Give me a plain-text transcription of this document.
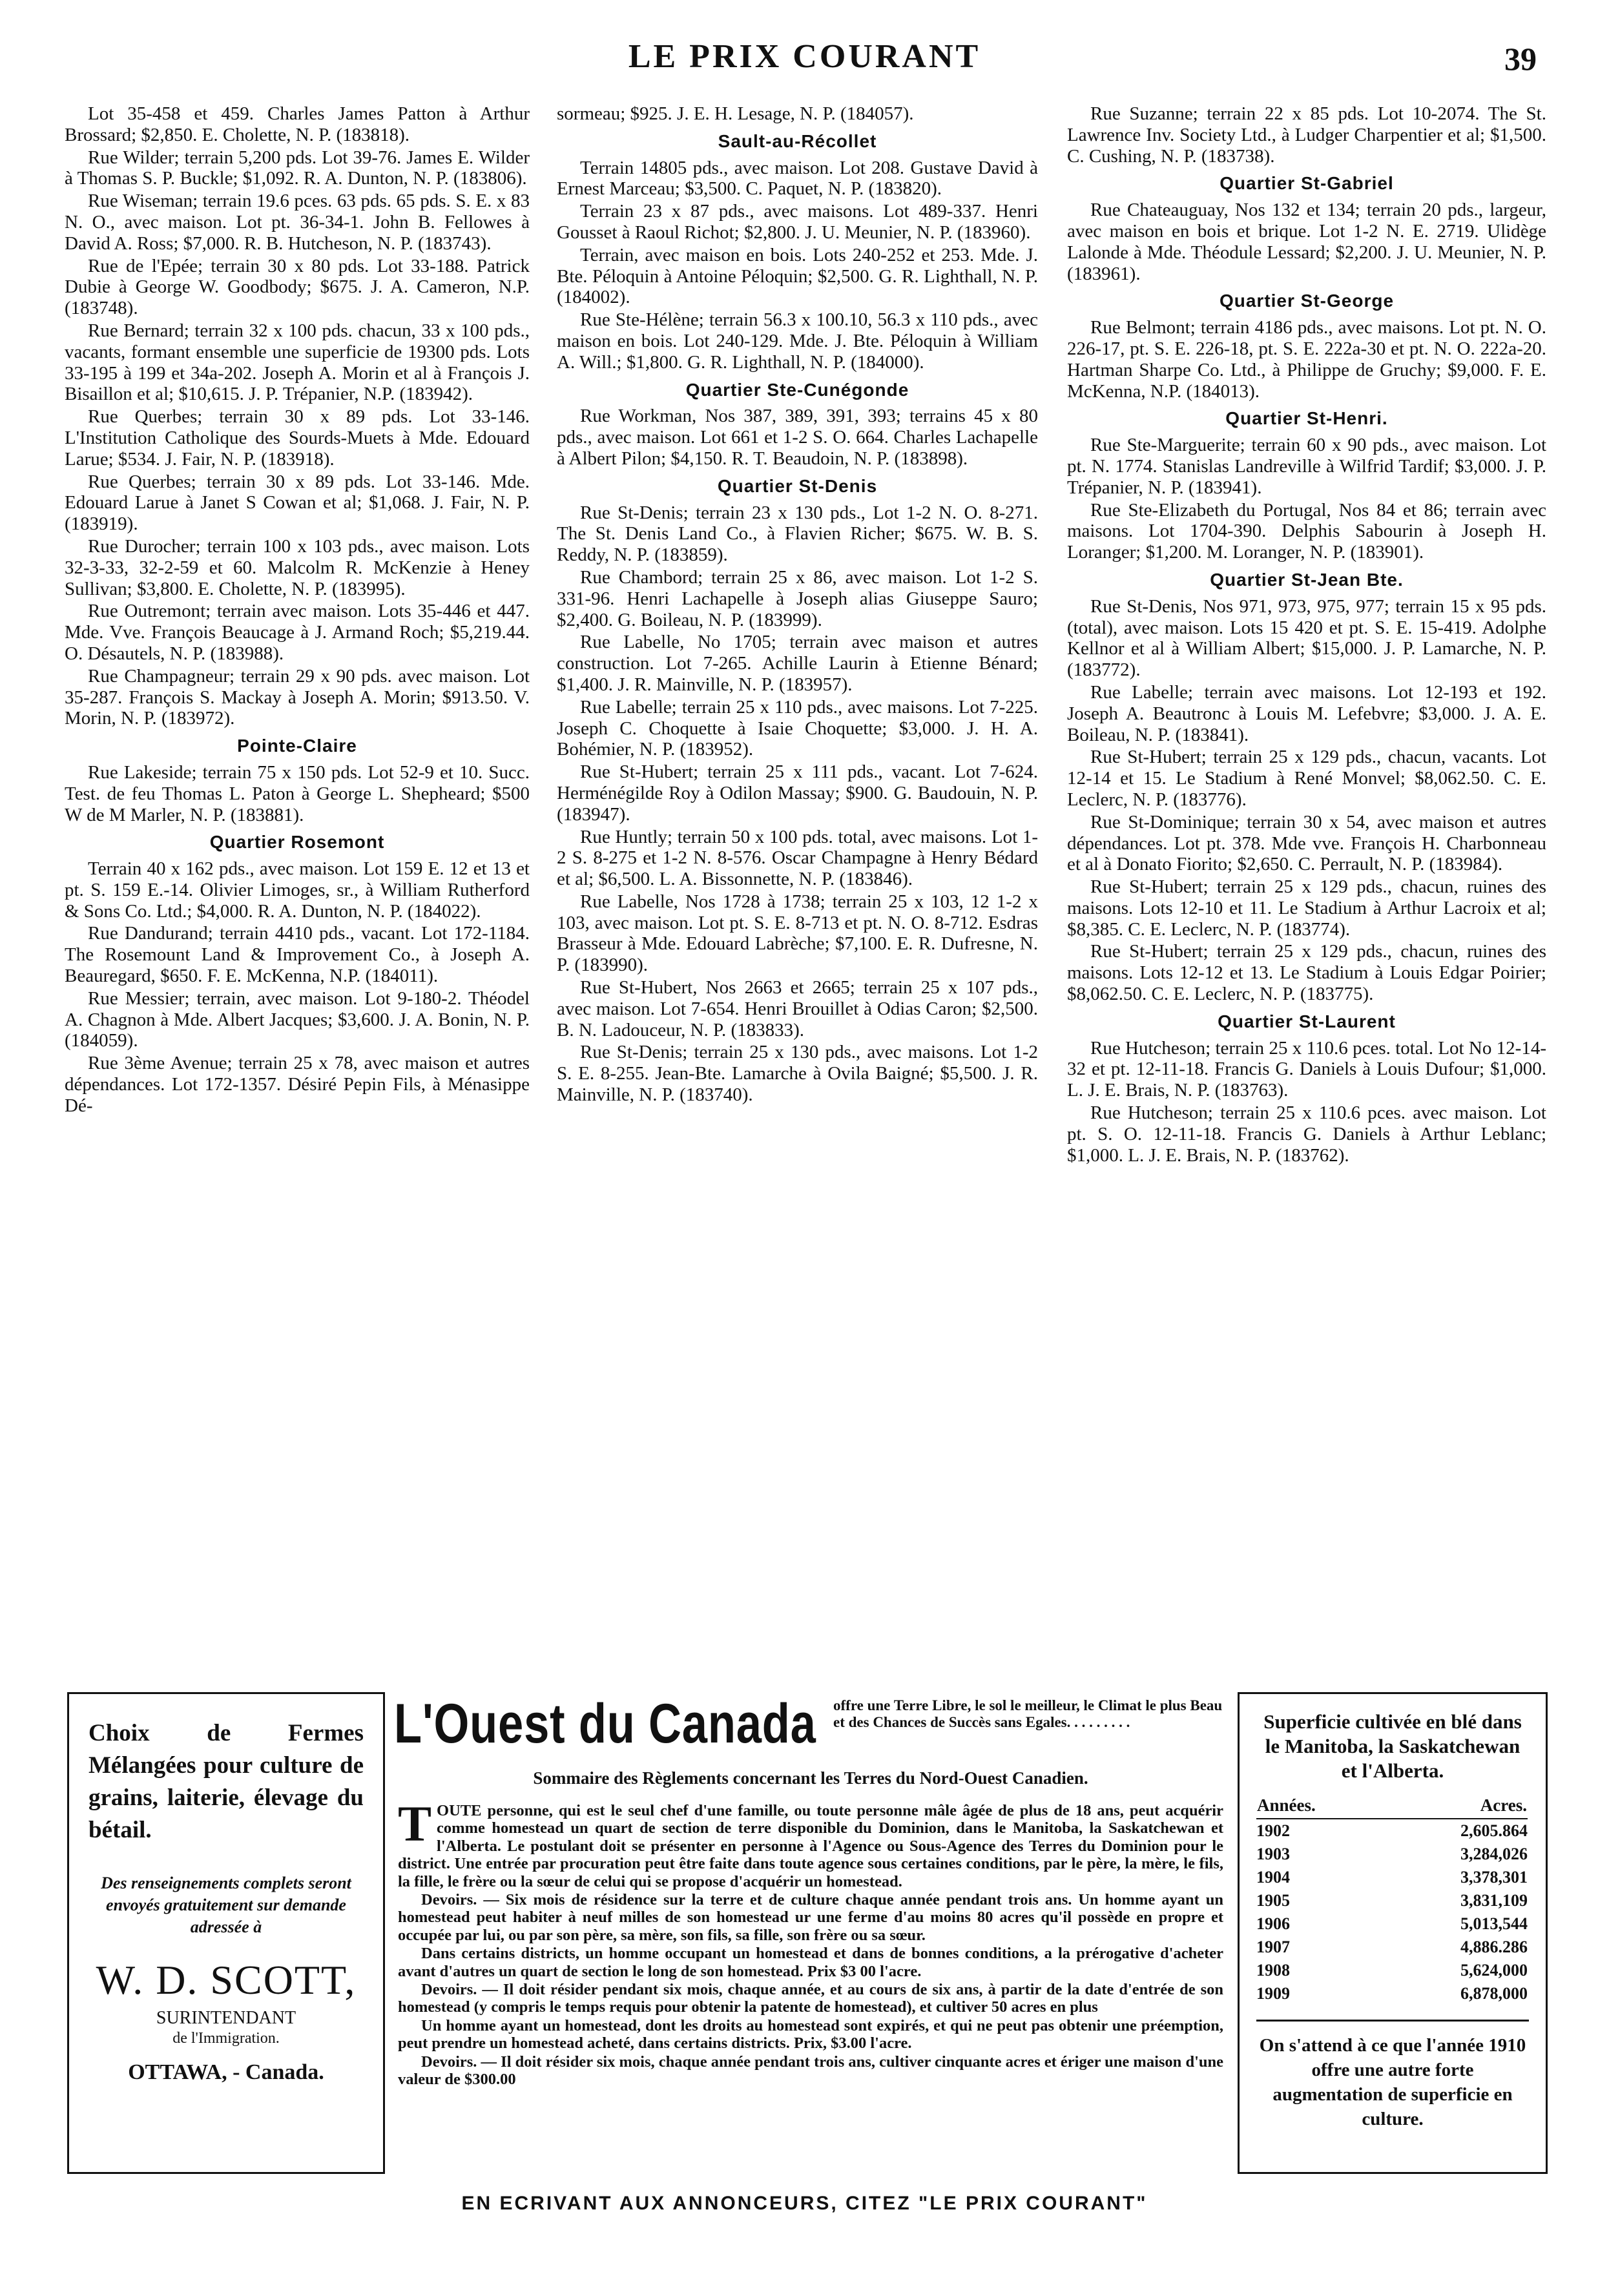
LE PRIX COURANT	39

Lot 35-458 et 459. Charles James Patton à Arthur Brossard; $2,850. E. Cholette, N. P. (183818).

Rue Wilder; terrain 5,200 pds. Lot 39-76. James E. Wilder à Thomas S. P. Buckle; $1,092. R. A. Dunton, N. P. (183806).

Rue Wiseman; terrain 19.6 pces. 63 pds. 65 pds. S. E. x 83 N. O., avec maison. Lot pt. 36-34-1. John B. Fellowes à David A. Ross; $7,000. R. B. Hutcheson, N. P. (183743).

Rue de l'Epée; terrain 30 x 80 pds. Lot 33-188. Patrick Dubie à George W. Goodbody; $675. J. A. Cameron, N.P. (183748).

Rue Bernard; terrain 32 x 100 pds. chacun, 33 x 100 pds., vacants, formant ensemble une superficie de 19300 pds. Lots 33-195 à 199 et 34a-202. Joseph A. Morin et al à François J. Bisaillon et al; $10,615. J. P. Trépanier, N.P. (183942).

Rue Querbes; terrain 30 x 89 pds. Lot 33-146. L'Institution Catholique des Sourds-Muets à Mde. Edouard Larue; $534. J. Fair, N. P. (183918).

Rue Querbes; terrain 30 x 89 pds. Lot 33-146. Mde. Edouard Larue à Janet S Cowan et al; $1,068. J. Fair, N. P. (183919).

Rue Durocher; terrain 100 x 103 pds., avec maison. Lots 32-3-33, 32-2-59 et 60. Malcolm R. McKenzie à Heney Sullivan; $3,800. E. Cholette, N. P. (183995).

Rue Outremont; terrain avec maison. Lots 35-446 et 447. Mde. Vve. François Beaucage à J. Armand Roch; $5,219.44. O. Désautels, N. P. (183988).

Rue Champagneur; terrain 29 x 90 pds. avec maison. Lot 35-287. François S. Mackay à Joseph A. Morin; $913.50. V. Morin, N. P. (183972).

Pointe-Claire

Rue Lakeside; terrain 75 x 150 pds. Lot 52-9 et 10. Succ. Test. de feu Thomas L. Paton à George L. Shepheard; $500 W de M Marler, N. P. (183881).

Quartier Rosemont

Terrain 40 x 162 pds., avec maison. Lot 159 E. 12 et 13 et pt. S. 159 E.-14. Olivier Limoges, sr., à William Rutherford & Sons Co. Ltd.; $4,000. R. A. Dunton, N. P. (184022).

Rue Dandurand; terrain 4410 pds., vacant. Lot 172-1184. The Rosemount Land & Improvement Co., à Joseph A. Beauregard, $650. F. E. McKenna, N.P. (184011).

Rue Messier; terrain, avec maison. Lot 9-180-2. Théodel A. Chagnon à Mde. Albert Jacques; $3,600. J. A. Bonin, N. P. (184059).

Rue 3ème Avenue; terrain 25 x 78, avec maison et autres dépendances. Lot 172-1357. Désiré Pepin Fils, à Ménasippe Dé-

sormeau; $925. J. E. H. Lesage, N. P. (184057).

Sault-au-Récollet

Terrain 14805 pds., avec maison. Lot 208. Gustave David à Ernest Marceau; $3,500. C. Paquet, N. P. (183820).

Terrain 23 x 87 pds., avec maisons. Lot 489-337. Henri Gousset à Raoul Richot; $2,800. J. U. Meunier, N. P. (183960).

Terrain, avec maison en bois. Lots 240-252 et 253. Mde. J. Bte. Péloquin à Antoine Péloquin; $2,500. G. R. Lighthall, N. P. (184002).

Rue Ste-Hélène; terrain 56.3 x 100.10, 56.3 x 110 pds., avec maison en bois. Lot 240-129. Mde. J. Bte. Péloquin à William A. Will.; $1,800. G. R. Lighthall, N. P. (184000).

Quartier Ste-Cunégonde

Rue Workman, Nos 387, 389, 391, 393; terrains 45 x 80 pds., avec maison. Lot 661 et 1-2 S. O. 664. Charles Lachapelle à Albert Pilon; $4,150. R. T. Beaudoin, N. P. (183898).

Quartier St-Denis

Rue St-Denis; terrain 23 x 130 pds., Lot 1-2 N. O. 8-271. The St. Denis Land Co., à Flavien Richer; $675. W. B. S. Reddy, N. P. (183859).

Rue Chambord; terrain 25 x 86, avec maison. Lot 1-2 S. 331-96. Henri Lachapelle à Joseph alias Giuseppe Sauro; $2,400. G. Boileau, N. P. (183999).

Rue Labelle, No 1705; terrain avec maison et autres construction. Lot 7-265. Achille Laurin à Etienne Bénard; $1,400. J. R. Mainville, N. P. (183957).

Rue Labelle; terrain 25 x 110 pds., avec maisons. Lot 7-225. Joseph C. Choquette à Isaie Choquette; $3,000. J. H. A. Bohémier, N. P. (183952).

Rue St-Hubert; terrain 25 x 111 pds., vacant. Lot 7-624. Herménégilde Roy à Odilon Massay; $900. G. Baudouin, N. P. (183947).

Rue Huntly; terrain 50 x 100 pds. total, avec maisons. Lot 1-2 S. 8-275 et 1-2 N. 8-576. Oscar Champagne à Henry Bédard et al; $6,500. L. A. Bissonnette, N. P. (183846).

Rue Labelle, Nos 1728 à 1738; terrain 25 x 103, 12 1-2 x 103, avec maison. Lot pt. S. E. 8-713 et pt. N. O. 8-712. Esdras Brasseur à Mde. Edouard Labrèche; $7,100. E. R. Dufresne, N. P. (183990).

Rue St-Hubert, Nos 2663 et 2665; terrain 25 x 107 pds., avec maison. Lot 7-654. Henri Brouillet à Odias Caron; $2,500. B. N. Ladouceur, N. P. (183833).

Rue St-Denis; terrain 25 x 130 pds., avec maisons. Lot 1-2 S. E. 8-255. Jean-Bte. Lamarche à Ovila Baigné; $5,500. J. R. Mainville, N. P. (183740).

Rue Suzanne; terrain 22 x 85 pds. Lot 10-2074. The St. Lawrence Inv. Society Ltd., à Ludger Charpentier et al; $1,500. C. Cushing, N. P. (183738).

Quartier St-Gabriel

Rue Chateauguay, Nos 132 et 134; terrain 20 pds., largeur, avec maison en bois et brique. Lot 1-2 N. E. 2719. Ulidège Lalonde à Mde. Théodule Lessard; $2,200. J. U. Meunier, N. P. (183961).

Quartier St-George

Rue Belmont; terrain 4186 pds., avec maisons. Lot pt. N. O. 226-17, pt. S. E. 226-18, pt. S. E. 222a-30 et pt. N. O. 222a-20. Hartman Sharpe Co. Ltd., à Philippe de Gruchy; $9,000. F. E. McKenna, N.P. (184013).

Quartier St-Henri.

Rue Ste-Marguerite; terrain 60 x 90 pds., avec maison. Lot pt. N. 1774. Stanislas Landreville à Wilfrid Tardif; $3,000. J. P. Trépanier, N. P. (183941).

Rue Ste-Elizabeth du Portugal, Nos 84 et 86; terrain avec maisons. Lot 1704-390. Delphis Sabourin à Joseph H. Loranger; $1,200. M. Loranger, N. P. (183901).

Quartier St-Jean Bte.

Rue St-Denis, Nos 971, 973, 975, 977; terrain 15 x 95 pds. (total), avec maison. Lots 15 420 et pt. S. E. 15-419. Adolphe Kellnor et al à William Albert; $15,000. J. P. Lamarche, N. P. (183772).

Rue Labelle; terrain avec maisons. Lot 12-193 et 192. Joseph A. Beautronc à Louis M. Lefebvre; $3,000. J. A. E. Boileau, N. P. (183841).

Rue St-Hubert; terrain 25 x 129 pds., chacun, vacants. Lot 12-14 et 15. Le Stadium à René Monvel; $8,062.50. C. E. Leclerc, N. P. (183776).

Rue St-Dominique; terrain 30 x 54, avec maison et autres dépendances. Lot pt. 378. Mde vve. François H. Charbonneau et al à Donato Fiorito; $2,650. C. Perrault, N. P. (183984).

Rue St-Hubert; terrain 25 x 129 pds., chacun, ruines des maisons. Lots 12-10 et 11. Le Stadium à Arthur Lacroix et al; $8,385. C. E. Leclerc, N. P. (183774).

Rue St-Hubert; terrain 25 x 129 pds., chacun, ruines des maisons. Lots 12-12 et 13. Le Stadium à Louis Edgar Poirier; $8,062.50. C. E. Leclerc, N. P. (183775).

Quartier St-Laurent

Rue Hutcheson; terrain 25 x 110.6 pces. total. Lot No 12-14-32 et pt. 12-11-18. Francis G. Daniels à Louis Dufour; $1,000. L. J. E. Brais, N. P. (183763).

Rue Hutcheson; terrain 25 x 110.6 pces. avec maison. Lot pt. S. O. 12-11-18. Francis G. Daniels à Arthur Leblanc; $1,000. L. J. E. Brais, N. P. (183762).

Choix de Fermes Mélangées pour culture de grains, laiterie, élevage du bétail.
Des renseignements complets seront envoyés gratuitement sur demande adressée à
W. D. SCOTT,
SURINTENDANT
de l'Immigration.
OTTAWA, - Canada.
L'Ouest du Canada offre une Terre Libre, le sol le meilleur, le Climat le plus Beau et des Chances de Succès sans Egales. . . . . . . . .
Sommaire des Règlements concernant les Terres du Nord-Ouest Canadien.

TOUTE personne, qui est le seul chef d'une famille, ou toute personne mâle âgée de plus de 18 ans, peut acquérir comme homestead un quart de section de terre disponible du Dominion, dans le Manitoba, la Saskatchewan et l'Alberta. Le postulant doit se présenter en personne à l'Agence ou Sous-Agence des Terres du Dominion pour le district. Une entrée par procuration peut être faite dans toute agence sous certaines conditions, par le père, la mère, le fils, la fille, le frère ou la sœur de celui qui se propose d'acquérir un homestead.

Devoirs. — Six mois de résidence sur la terre et de culture chaque année pendant trois ans. Un homme ayant un homestead peut habiter à neuf milles de son homestead ur une ferme d'au moins 80 acres qu'il possède en propre et occupée par lui, ou par son père, sa mère, son fils, sa fille, son frère ou sa sœur.

Dans certains districts, un homme occupant un homestead et dans de bonnes conditions, a la prérogative d'acheter avant d'autres un quart de section le long de son homestead. Prix $3 00 l'acre.

Devoirs. — Il doit résider pendant six mois, chaque année, et au cours de six ans, à partir de la date d'entrée de son homestead (y compris le temps requis pour obtenir la patente de homestead), et cultiver 50 acres en plus

Un homme ayant un homestead, dont les droits au homestead sont expirés, et qui ne peut pas obtenir une préemption, peut prendre un homestead acheté, dans certains districts. Prix, $3.00 l'acre.

Devoirs. — Il doit résider six mois, chaque année pendant trois ans, cultiver cinquante acres et ériger une maison d'une valeur de $300.00

Superficie cultivée en blé dans le Manitoba, la Saskatchewan et l'Alberta.
Années.	Acres.
1902	2,605.864
1903	3,284,026
1904	3,378,301
1905	3,831,109
1906	5,013,544
1907	4,886.286
1908	5,624,000
1909	6,878,000
On s'attend à ce que l'année 1910 offre une autre forte augmentation de superficie en culture.
EN ECRIVANT AUX ANNONCEURS, CITEZ "LE PRIX COURANT"
